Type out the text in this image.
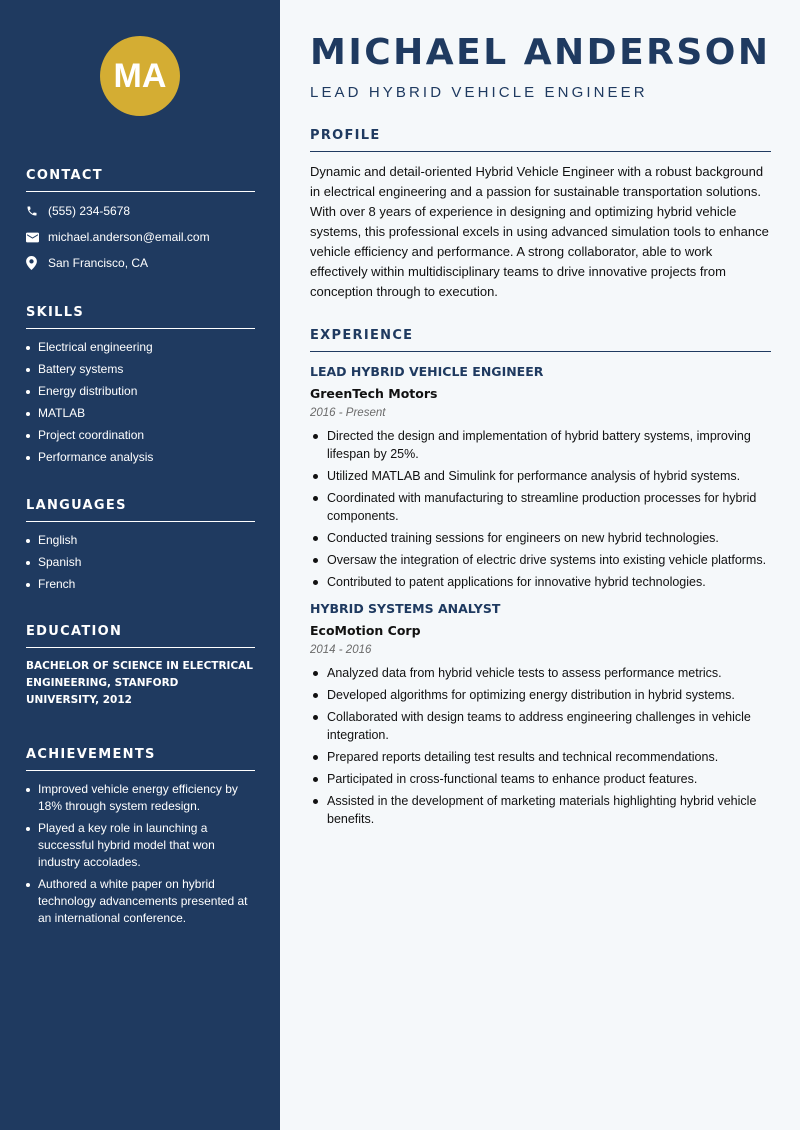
MA
CONTACT
(555) 234-5678
michael.anderson@email.com
San Francisco, CA
SKILLS
Electrical engineering
Battery systems
Energy distribution
MATLAB
Project coordination
Performance analysis
LANGUAGES
English
Spanish
French
EDUCATION
BACHELOR OF SCIENCE IN ELECTRICAL ENGINEERING, STANFORD UNIVERSITY, 2012
ACHIEVEMENTS
Improved vehicle energy efficiency by 18% through system redesign.
Played a key role in launching a successful hybrid model that won industry accolades.
Authored a white paper on hybrid technology advancements presented at an international conference.
MICHAEL ANDERSON
LEAD HYBRID VEHICLE ENGINEER
PROFILE

Dynamic and detail-oriented Hybrid Vehicle Engineer with a robust background in electrical engineering and a passion for sustainable transportation solutions. With over 8 years of experience in designing and optimizing hybrid vehicle systems, this professional excels in using advanced simulation tools to enhance vehicle efficiency and performance. A strong collaborator, able to work effectively within multidisciplinary teams to drive innovative projects from conception through to execution.

EXPERIENCE
LEAD HYBRID VEHICLE ENGINEER
GreenTech Motors
2016 - Present
Directed the design and implementation of hybrid battery systems, improving lifespan by 25%.
Utilized MATLAB and Simulink for performance analysis of hybrid systems.
Coordinated with manufacturing to streamline production processes for hybrid components.
Conducted training sessions for engineers on new hybrid technologies.
Oversaw the integration of electric drive systems into existing vehicle platforms.
Contributed to patent applications for innovative hybrid technologies.
HYBRID SYSTEMS ANALYST
EcoMotion Corp
2014 - 2016
Analyzed data from hybrid vehicle tests to assess performance metrics.
Developed algorithms for optimizing energy distribution in hybrid systems.
Collaborated with design teams to address engineering challenges in vehicle integration.
Prepared reports detailing test results and technical recommendations.
Participated in cross-functional teams to enhance product features.
Assisted in the development of marketing materials highlighting hybrid vehicle benefits.
